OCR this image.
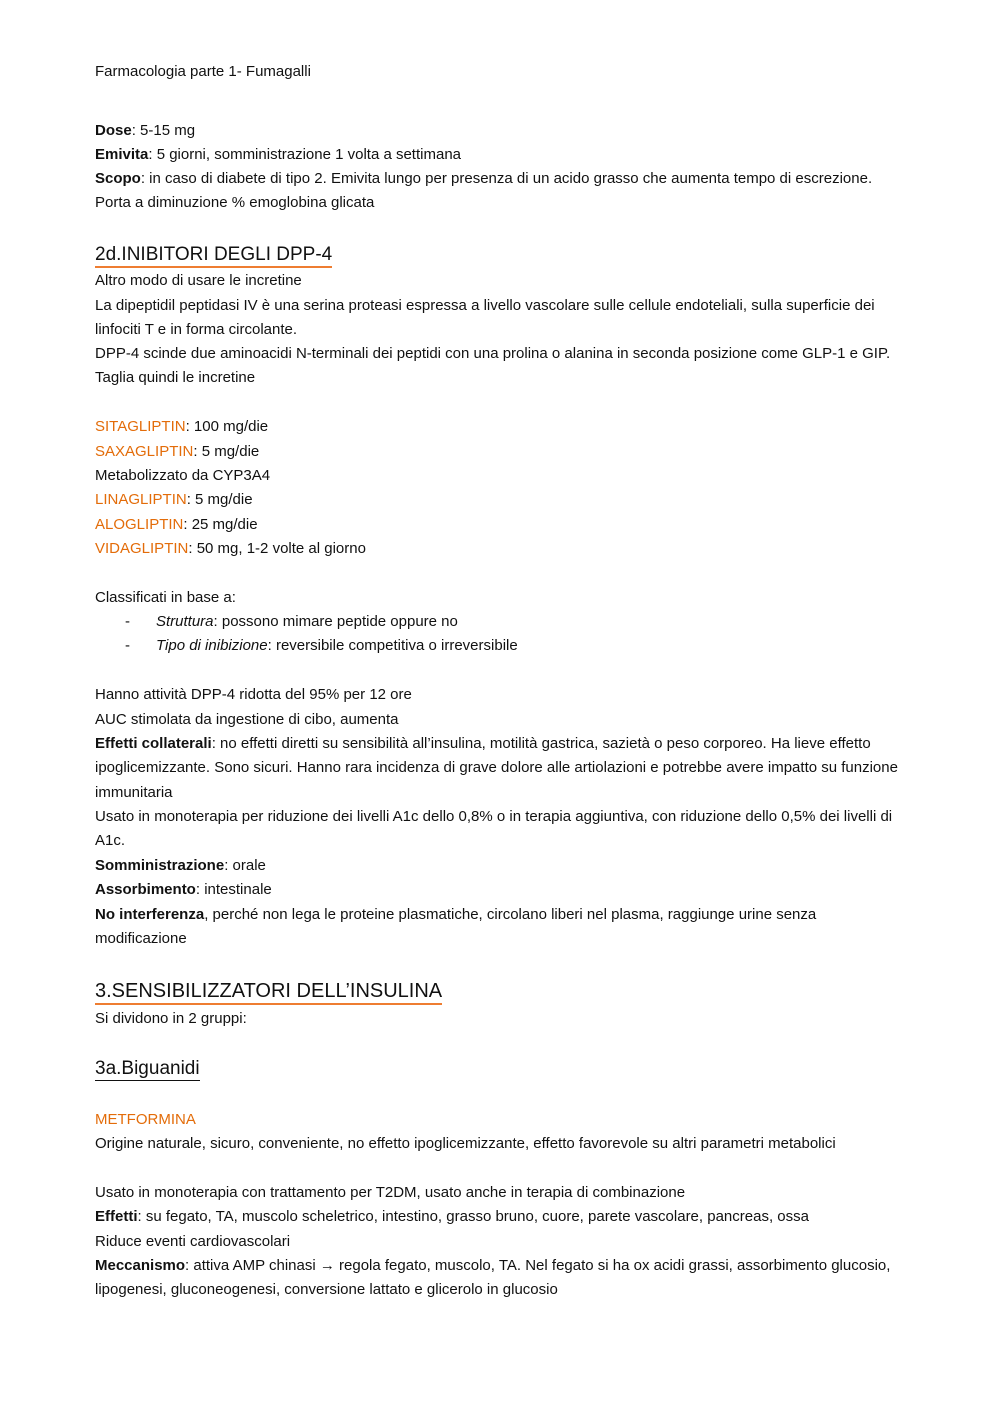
Farmacologia parte 1- Fumagalli
Dose: 5-15 mg
Emivita: 5 giorni, somministrazione 1 volta a settimana
Scopo: in caso di diabete di tipo 2. Emivita lungo per presenza di un acido grasso che aumenta tempo di escrezione. Porta a diminuzione % emoglobina glicata
2d.INIBITORI DEGLI DPP-4
Altro modo di usare le incretine
La dipeptidil peptidasi IV è una serina proteasi espressa a livello vascolare sulle cellule endoteliali, sulla superficie dei linfociti T e in forma circolante.
DPP-4 scinde due aminoacidi N-terminali dei peptidi con una prolina o alanina in seconda posizione come GLP-1 e GIP. Taglia quindi le incretine
SITAGLIPTIN: 100 mg/die
SAXAGLIPTIN: 5 mg/die
Metabolizzato da CYP3A4
LINAGLIPTIN: 5 mg/die
ALOGLIPTIN: 25 mg/die
VIDAGLIPTIN: 50 mg, 1-2 volte al giorno
Classificati in base a:
- Struttura: possono mimare peptide oppure no
- Tipo di inibizione: reversibile competitiva o irreversibile
Hanno attività DPP-4 ridotta del 95% per 12 ore
AUC stimolata da ingestione di cibo, aumenta
Effetti collaterali: no effetti diretti su sensibilità all’insulina, motilità gastrica, sazietà o peso corporeo. Ha lieve effetto ipoglicemizzante. Sono sicuri. Hanno rara incidenza di grave dolore alle artiolazioni e potrebbe avere impatto su funzione immunitaria
Usato in monoterapia per riduzione dei livelli A1c dello 0,8% o in terapia aggiuntiva, con riduzione dello 0,5% dei livelli di A1c.
Somministrazione: orale
Assorbimento: intestinale
No interferenza, perché non lega le proteine plasmatiche, circolano liberi nel plasma, raggiunge urine senza modificazione
3.SENSIBILIZZATORI DELL’INSULINA
Si dividono in 2 gruppi:
3a.Biguanidi
METFORMINA
Origine naturale, sicuro, conveniente, no effetto ipoglicemizzante, effetto favorevole su altri parametri metabolici
Usato in monoterapia con trattamento per T2DM, usato anche in terapia di combinazione
Effetti: su fegato, TA, muscolo scheletrico, intestino, grasso bruno, cuore, parete vascolare, pancreas, ossa
Riduce eventi cardiovascolari
Meccanismo: attiva AMP chinasi → regola fegato, muscolo, TA. Nel fegato si ha ox acidi grassi, assorbimento glucosio, lipogenesi, gluconeogenesi, conversione lattato e glicerolo in glucosio
